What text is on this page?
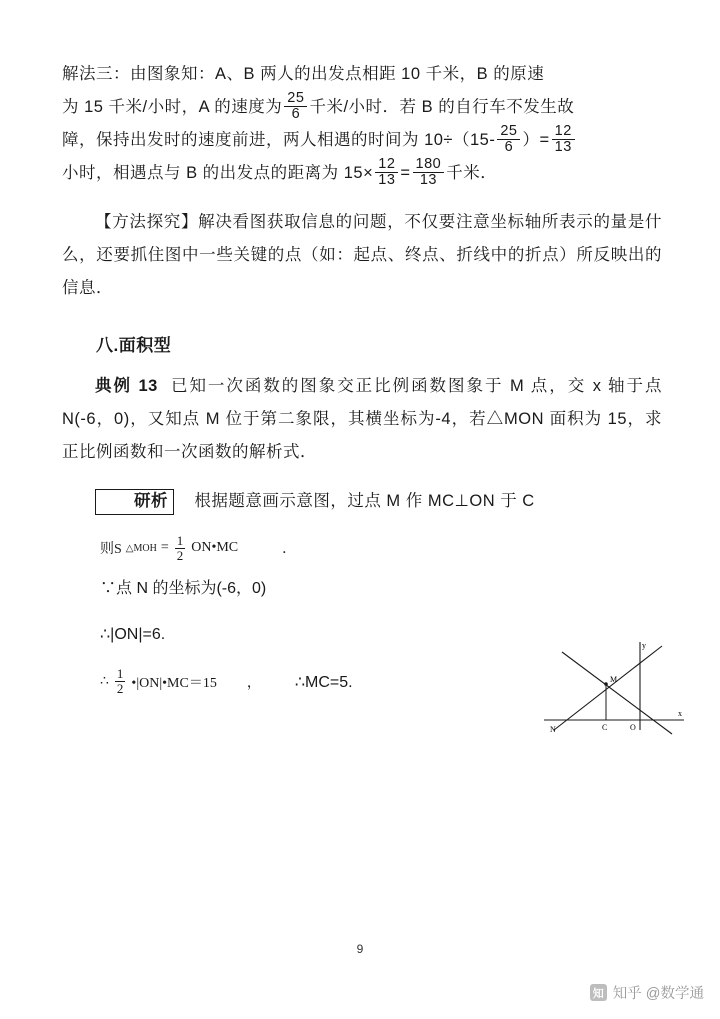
解法三：由图象知：A、B 两人的出发点相距 10 千米，B 的原速
为 15 千米/小时，A 的速度为 $\frac{25}{6}$ 千米/小时．若 B 的自行车不发生故
障，保持出发时的速度前进，两人相遇的时间为 $10\div(15- \frac{25}{6}$ ）= $\frac{12}{13}$

小时，相遇点与 B 的出发点的距离为 $15\times \frac{12}{13} = \frac{180}{13}$ 千米．

【方法探究】解决看图获取信息的问题，不仅要注意坐标轴所表示的量是什么，还要抓住图中一些关键的点（如：起点、终点、折线中的折点）所反映出的信息．

八.面积型

典例 13 已知一次函数的图象交正比例函数图象于 M 点，交 x 轴于点 N(-6，0)，又知点 M 位于第二象限，其横坐标为-4，若△MON 面积为 15，求正比例函数和一次函数的解析式．

研析 根据题意画示意图，过点 M 作 MC⊥ON 于 C

则S △MOH = $\frac{1}{2}$ ON•MC	．

∵点 N 的坐标为(-6，0)

∴|ON|=6.

∴ $\frac{1}{2}$ •|ON|•MC＝15 ， ∴MC=5.	M
N	C	O
y
x
9
知 知乎 @数学通
